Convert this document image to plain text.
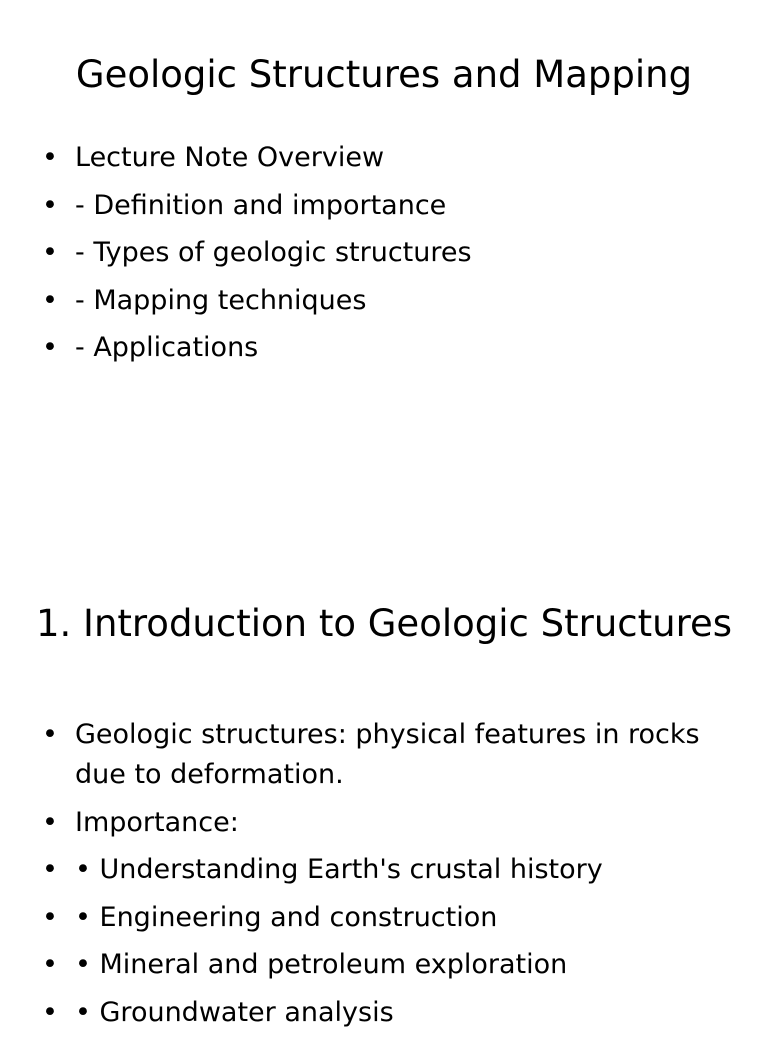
Geologic Structures and Mapping
• Lecture Note Overview
• - Definition and importance
• - Types of geologic structures
• - Mapping techniques
• - Applications
1. Introduction to Geologic Structures
• Geologic structures: physical features in rocks due to deformation.
• Importance:
• • Understanding Earth's crustal history
• • Engineering and construction
• • Mineral and petroleum exploration
• • Groundwater analysis
